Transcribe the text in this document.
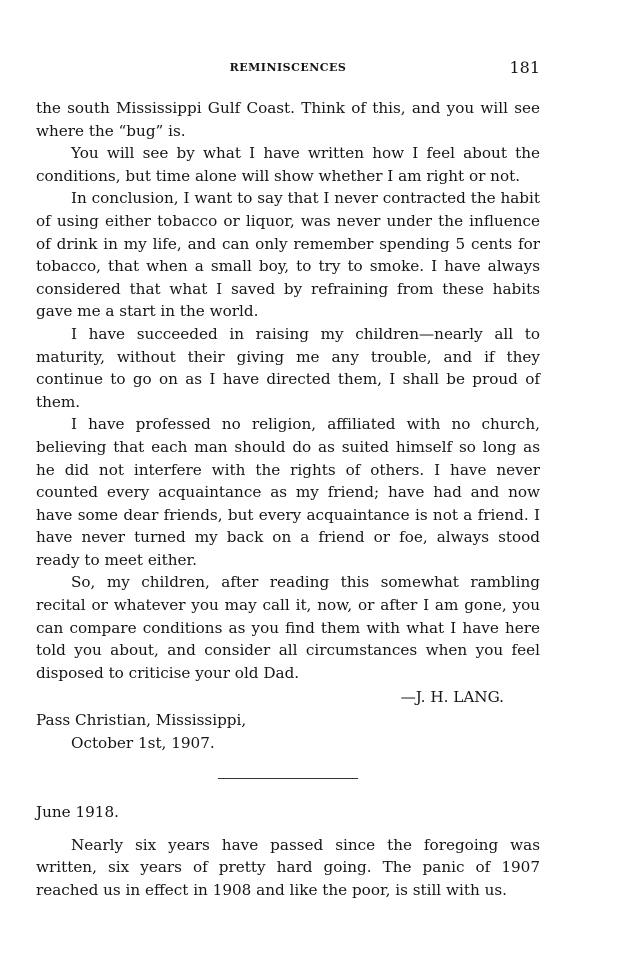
REMINISCENCES	181

the south Mississippi Gulf Coast. Think of this, and you will see where the “bug” is.

You will see by what I have written how I feel about the conditions, but time alone will show whether I am right or not.

In conclusion, I want to say that I never contracted the habit of using either tobacco or liquor, was never under the influence of drink in my life, and can only remember spending 5 cents for tobacco, that when a small boy, to try to smoke. I have always considered that what I saved by refraining from these habits gave me a start in the world.

I have succeeded in raising my children—nearly all to maturity, without their giving me any trouble, and if they continue to go on as I have directed them, I shall be proud of them.

I have professed no religion, affiliated with no church, believing that each man should do as suited himself so long as he did not interfere with the rights of others. I have never counted every acquaintance as my friend; have had and now have some dear friends, but every acquaintance is not a friend. I have never turned my back on a friend or foe, always stood ready to meet either.

So, my children, after reading this somewhat rambling recital or whatever you may call it, now, or after I am gone, you can compare conditions as you find them with what I have here told you about, and consider all circumstances when you feel disposed to criticise your old Dad.

—J. H. LANG.
Pass Christian, Mississippi,
October 1st, 1907.

June 1918.

Nearly six years have passed since the foregoing was written, six years of pretty hard going. The panic of 1907 reached us in effect in 1908 and like the poor, is still with us.
